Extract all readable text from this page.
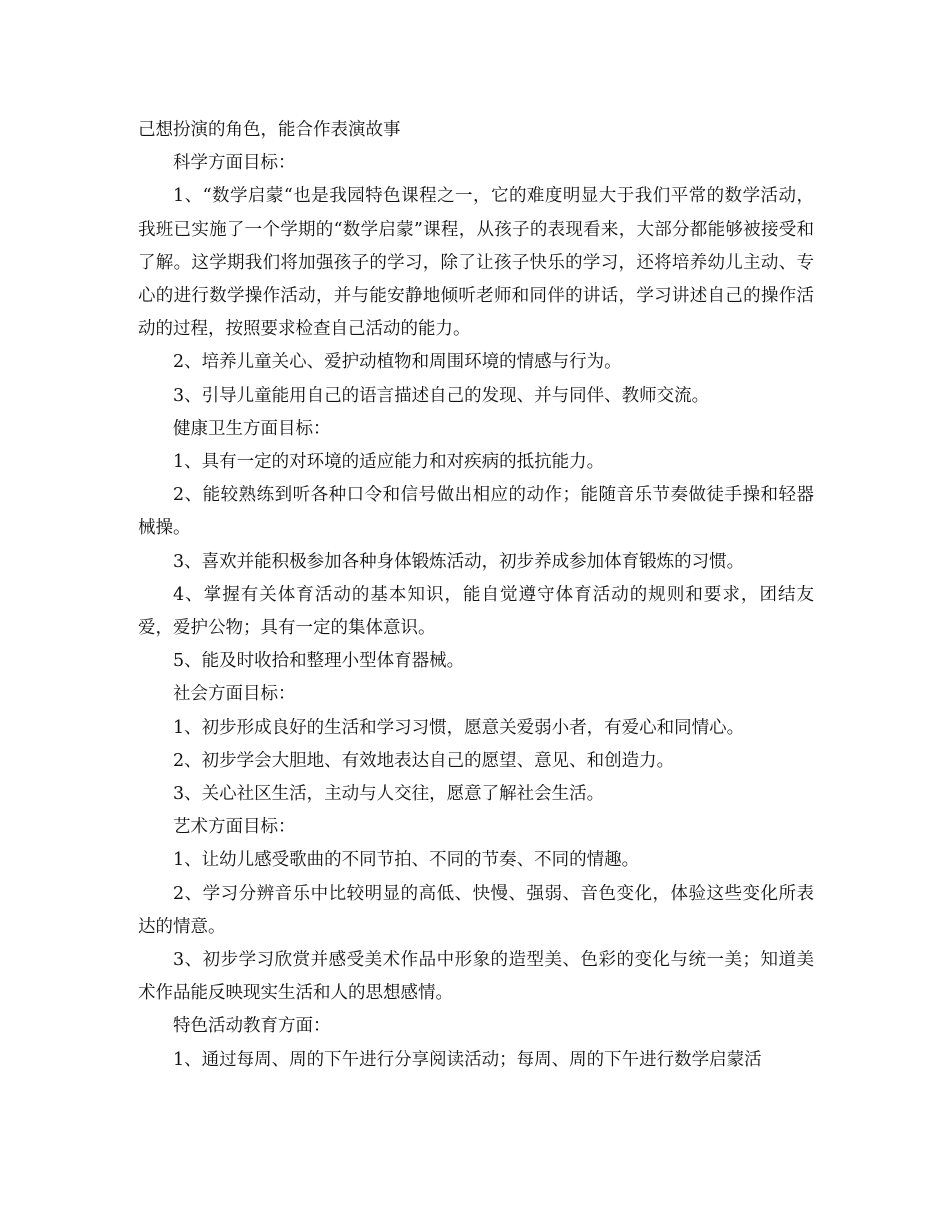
己想扮演的角色，能合作表演故事

科学方面目标：

1、“数学启蒙“也是我园特色课程之一，它的难度明显大于我们平常的数学活动，我班已实施了一个学期的“数学启蒙”课程，从孩子的表现看来，大部分都能够被接受和了解。这学期我们将加强孩子的学习，除了让孩子快乐的学习，还将培养幼儿主动、专心的进行数学操作活动，并与能安静地倾听老师和同伴的讲话，学习讲述自己的操作活动的过程，按照要求检查自己活动的能力。

2、培养儿童关心、爱护动植物和周围环境的情感与行为。

3、引导儿童能用自己的语言描述自己的发现、并与同伴、教师交流。

健康卫生方面目标：

1、具有一定的对环境的适应能力和对疾病的抵抗能力。

2、能较熟练到听各种口令和信号做出相应的动作；能随音乐节奏做徒手操和轻器械操。

3、喜欢并能积极参加各种身体锻炼活动，初步养成参加体育锻炼的习惯。

4、掌握有关体育活动的基本知识，能自觉遵守体育活动的规则和要求，团结友爱，爱护公物；具有一定的集体意识。

5、能及时收拾和整理小型体育器械。

社会方面目标：

1、初步形成良好的生活和学习习惯，愿意关爱弱小者，有爱心和同情心。

2、初步学会大胆地、有效地表达自己的愿望、意见、和创造力。

3、关心社区生活，主动与人交往，愿意了解社会生活。

艺术方面目标：

1、让幼儿感受歌曲的不同节拍、不同的节奏、不同的情趣。

2、学习分辨音乐中比较明显的高低、快慢、强弱、音色变化，体验这些变化所表达的情意。

3、初步学习欣赏并感受美术作品中形象的造型美、色彩的变化与统一美；知道美术作品能反映现实生活和人的思想感情。

特色活动教育方面：

1、通过每周、周的下午进行分享阅读活动；每周、周的下午进行数学启蒙活
